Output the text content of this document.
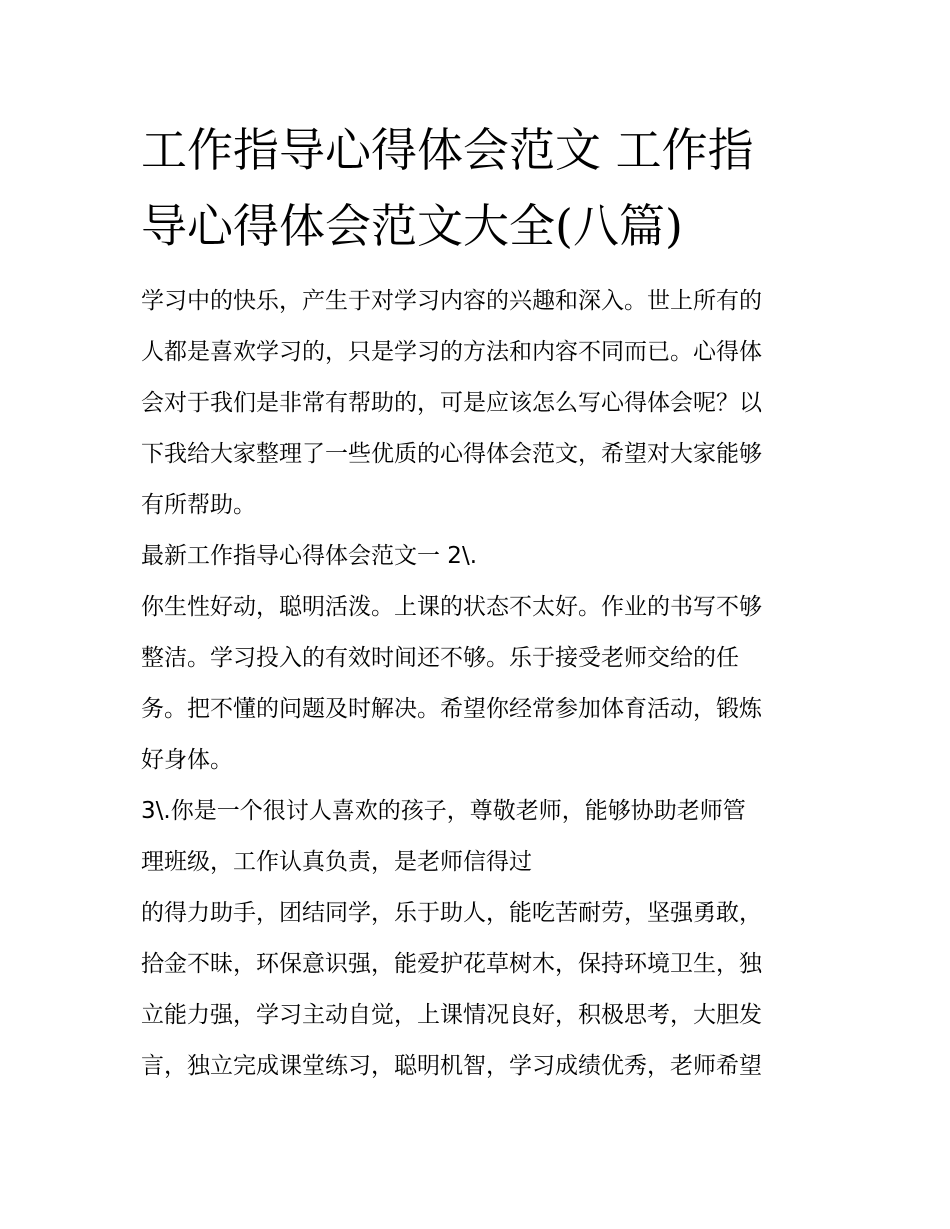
工作指导心得体会范文 工作指
导心得体会范文大全(八篇)
学习中的快乐，产生于对学习内容的兴趣和深入。世上所有的
人都是喜欢学习的，只是学习的方法和内容不同而已。心得体
会对于我们是非常有帮助的，可是应该怎么写心得体会呢？以
下我给大家整理了一些优质的心得体会范文，希望对大家能够
有所帮助。
最新工作指导心得体会范文一 2\.
你生性好动，聪明活泼。上课的状态不太好。作业的书写不够
整洁。学习投入的有效时间还不够。乐于接受老师交给的任
务。把不懂的问题及时解决。希望你经常参加体育活动，锻炼
好身体。
3\.你是一个很讨人喜欢的孩子，尊敬老师，能够协助老师管
理班级，工作认真负责，是老师信得过
的得力助手，团结同学，乐于助人，能吃苦耐劳，坚强勇敢，
拾金不昧，环保意识强，能爱护花草树木，保持环境卫生，独
立能力强，学习主动自觉，上课情况良好，积极思考，大胆发
言，独立完成课堂练习，聪明机智，学习成绩优秀，老师希望
